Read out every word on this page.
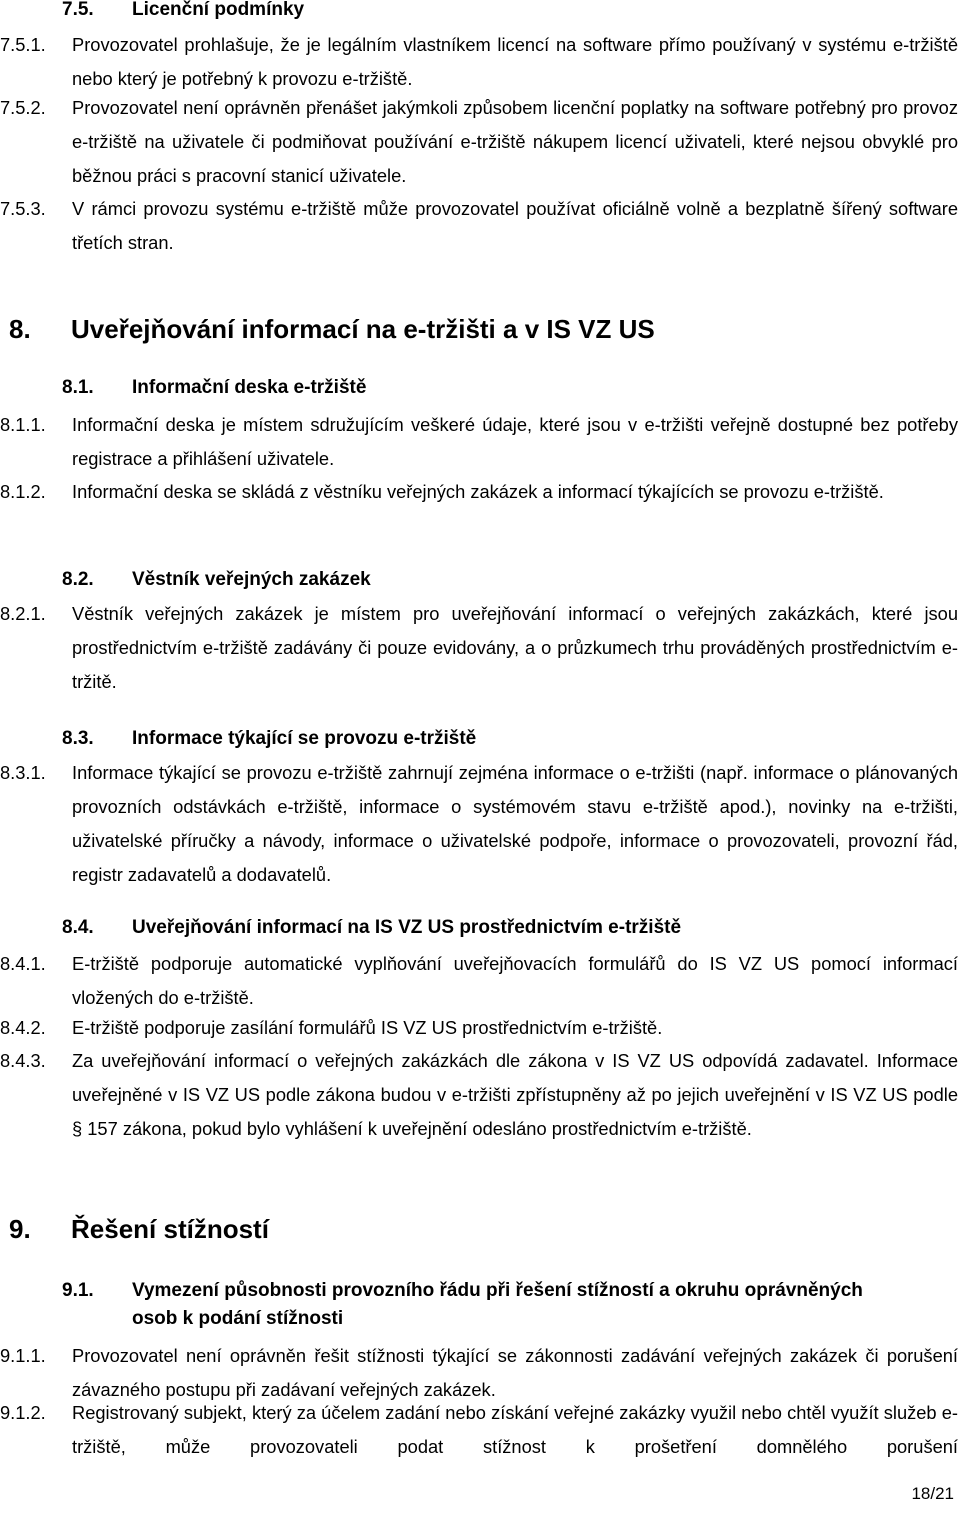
7.5. Licenční podmínky
7.5.1. Provozovatel prohlašuje, že je legálním vlastníkem licencí na software přímo používaný v systému e-tržiště nebo který je potřebný k provozu e-tržiště.
7.5.2. Provozovatel není oprávněn přenášet jakýmkoli způsobem licenční poplatky na software potřebný pro provoz e-tržiště na uživatele či podmiňovat používání e-tržiště nákupem licencí uživateli, které nejsou obvyklé pro běžnou práci s pracovní stanicí uživatele.
7.5.3. V rámci provozu systému e-tržiště může provozovatel používat oficiálně volně a bezplatně šířený software třetích stran.
8. Uveřejňování informací na e-tržišti a v IS VZ US
8.1. Informační deska e-tržiště
8.1.1. Informační deska je místem sdružujícím veškeré údaje, které jsou v e-tržišti veřejně dostupné bez potřeby registrace a přihlášení uživatele.
8.1.2. Informační deska se skládá z věstníku veřejných zakázek a informací týkajících se provozu e-tržiště.
8.2. Věstník veřejných zakázek
8.2.1. Věstník veřejných zakázek je místem pro uveřejňování informací o veřejných zakázkách, které jsou prostřednictvím e-tržiště zadávány či pouze evidovány, a o průzkumech trhu prováděných prostřednictvím e-tržitě.
8.3. Informace týkající se provozu e-tržiště
8.3.1. Informace týkající se provozu e-tržiště zahrnují zejména informace o e-tržišti (např. informace o plánovaných provozních odstávkách e-tržiště, informace o systémovém stavu e-tržiště apod.), novinky na e-tržišti, uživatelské příručky a návody, informace o uživatelské podpoře, informace o provozovateli, provozní řád, registr zadavatelů a dodavatelů.
8.4. Uveřejňování informací na IS VZ US prostřednictvím e-tržiště
8.4.1. E-tržiště podporuje automatické vyplňování uveřejňovacích formulářů do IS VZ US pomocí informací vložených do e-tržiště.
8.4.2. E-tržiště podporuje zasílání formulářů IS VZ US prostřednictvím e-tržiště.
8.4.3. Za uveřejňování informací o veřejných zakázkách dle zákona v IS VZ US odpovídá zadavatel. Informace uveřejněné v IS VZ US podle zákona budou v e-tržišti zpřístupněny až po jejich uveřejnění v IS VZ US podle § 157 zákona, pokud bylo vyhlášení k uveřejnění odesláno prostřednictvím e-tržiště.
9. Řešení stížností
9.1. Vymezení působnosti provozního řádu při řešení stížností a okruhu oprávněných
osob k podání stížnosti
9.1.1. Provozovatel není oprávněn řešit stížnosti týkající se zákonnosti zadávání veřejných zakázek či porušení závazného postupu při zadávaní veřejných zakázek.
9.1.2. Registrovaný subjekt, který za účelem zadání nebo získání veřejné zakázky využil nebo chtěl využít služeb e-tržiště, může provozovateli podat stížnost k prošetření domnělého porušení
18/21
